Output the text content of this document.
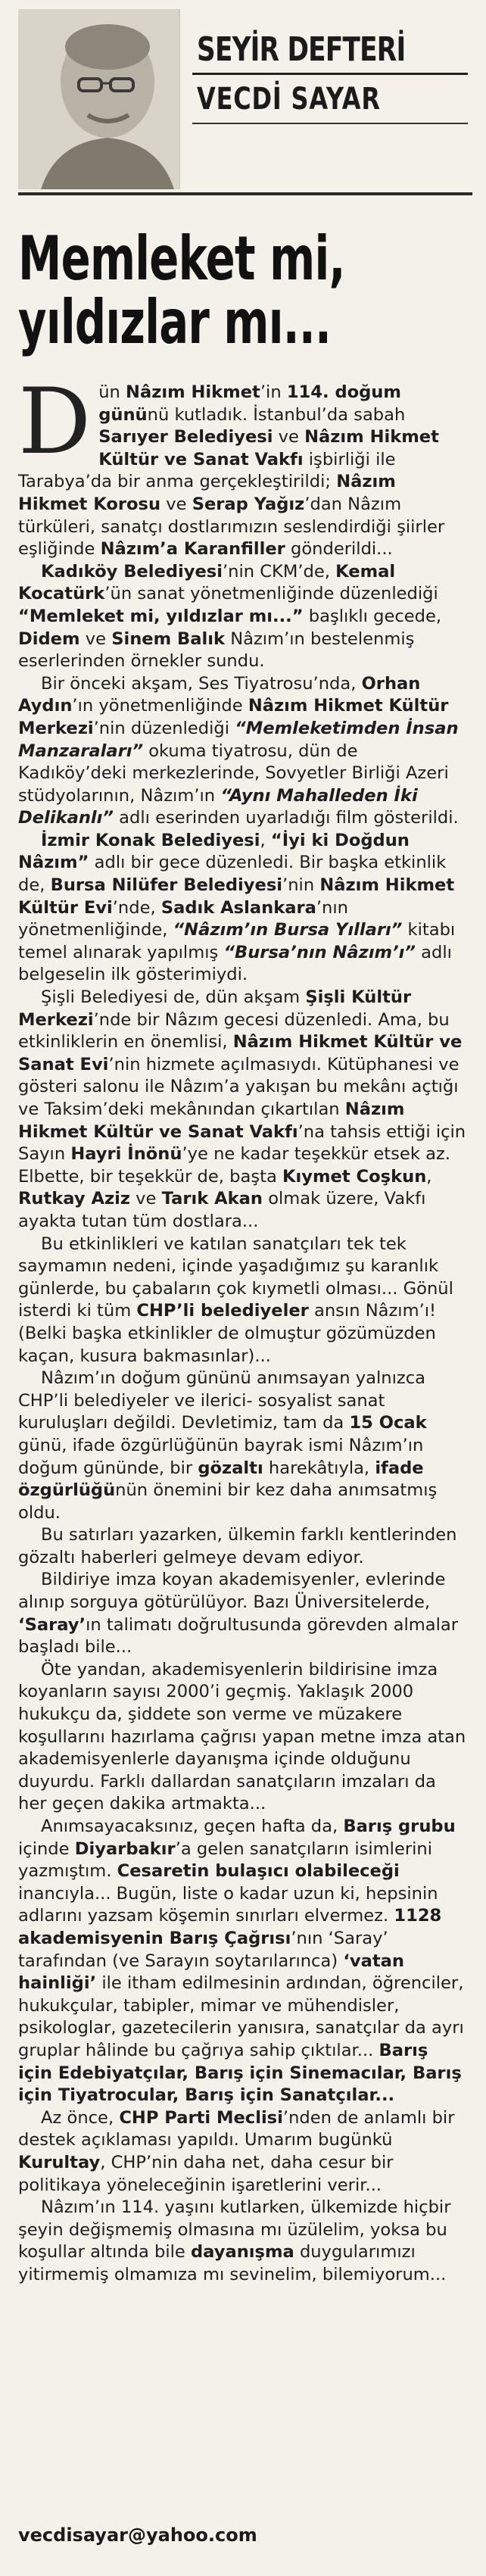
SEYİR DEFTERİ
VECDİ SAYAR
Memleket mi,
yıldızlar mı...

Dün Nâzım Hikmet’in 114. doğum gününü kutladık. İstanbul’da sabah Sarıyer Belediyesi ve Nâzım Hikmet Kültür ve Sanat Vakfı işbirliği ile Tarabya’da bir anma gerçekleştirildi; Nâzım Hikmet Korosu ve Serap Yağız’dan Nâzım türküleri, sanatçı dostlarımızın seslendirdiği şiirler eşliğinde Nâzım’a Karanfiller gönderildi...

Kadıköy Belediyesi’nin CKM’de, Kemal Kocatürk’ün sanat yönetmenliğinde düzenlediği “Memleket mi, yıldızlar mı...” başlıklı gecede, Didem ve Sinem Balık Nâzım’ın bestelenmiş eserlerinden örnekler sundu.

Bir önceki akşam, Ses Tiyatrosu’nda, Orhan Aydın’ın yönetmenliğinde Nâzım Hikmet Kültür Merkezi’nin düzenlediği “Memleketimden İnsan Manzaraları” okuma tiyatrosu, dün de Kadıköy’deki merkezlerinde, Sovyetler Birliği Azeri stüdyolarının, Nâzım’ın “Aynı Mahalleden İki Delikanlı” adlı eserinden uyarladığı film gösterildi.

İzmir Konak Belediyesi, “İyi ki Doğdun Nâzım” adlı bir gece düzenledi. Bir başka etkinlik de, Bursa Nilüfer Belediyesi’nin Nâzım Hikmet Kültür Evi’nde, Sadık Aslankara’nın yönetmenliğinde, “Nâzım’ın Bursa Yılları” kitabı temel alınarak yapılmış “Bursa’nın Nâzım’ı” adlı belgeselin ilk gösterimiydi.

Şişli Belediyesi de, dün akşam Şişli Kültür Merkezi’nde bir Nâzım gecesi düzenledi. Ama, bu etkinliklerin en önemlisi, Nâzım Hikmet Kültür ve Sanat Evi’nin hizmete açılmasıydı. Kütüphanesi ve gösteri salonu ile Nâzım’a yakışan bu mekânı açtığı ve Taksim’deki mekânından çıkartılan Nâzım Hikmet Kültür ve Sanat Vakfı’na tahsis ettiği için Sayın Hayri İnönü’ye ne kadar teşekkür etsek az. Elbette, bir teşekkür de, başta Kıymet Coşkun, Rutkay Aziz ve Tarık Akan olmak üzere, Vakfı ayakta tutan tüm dostlara...

Bu etkinlikleri ve katılan sanatçıları tek tek saymamın nedeni, içinde yaşadığımız şu karanlık günlerde, bu çabaların çok kıymetli olması... Gönül isterdi ki tüm CHP’li belediyeler ansın Nâzım’ı! (Belki başka etkinlikler de olmuştur gözümüzden kaçan, kusura bakmasınlar)...

Nâzım’ın doğum gününü anımsayan yalnızca CHP’li belediyeler ve ilerici- sosyalist sanat kuruluşları değildi. Devletimiz, tam da 15 Ocak günü, ifade özgürlüğünün bayrak ismi Nâzım’ın doğum gününde, bir gözaltı harekâtıyla, ifade özgürlüğünün önemini bir kez daha anımsatmış oldu.

Bu satırları yazarken, ülkemin farklı kentlerinden gözaltı haberleri gelmeye devam ediyor.

Bildiriye imza koyan akademisyenler, evlerinde alınıp sorguya götürülüyor. Bazı Üniversitelerde, ‘Saray’ın talimatı doğrultusunda görevden almalar başladı bile...

Öte yandan, akademisyenlerin bildirisine imza koyanların sayısı 2000’i geçmiş. Yaklaşık 2000 hukukçu da, şiddete son verme ve müzakere koşullarını hazırlama çağrısı yapan metne imza atan akademisyenlerle dayanışma içinde olduğunu duyurdu. Farklı dallardan sanatçıların imzaları da her geçen dakika artmakta...

Anımsayacaksınız, geçen hafta da, Barış grubu içinde Diyarbakır’a gelen sanatçıların isimlerini yazmıştım. Cesaretin bulaşıcı olabileceği inancıyla... Bugün, liste o kadar uzun ki, hepsinin adlarını yazsam köşemin sınırları elvermez. 1128 akademisyenin Barış Çağrısı’nın ‘Saray’ tarafından (ve Sarayın soytarılarınca) ‘vatan hainliği’ ile itham edilmesinin ardından, öğrenciler, hukukçular, tabipler, mimar ve mühendisler, psikologlar, gazetecilerin yanısıra, sanatçılar da ayrı gruplar hâlinde bu çağrıya sahip çıktılar... Barış için Edebiyatçılar, Barış için Sinemacılar, Barış için Tiyatrocular, Barış için Sanatçılar...

Az önce, CHP Parti Meclisi’nden de anlamlı bir destek açıklaması yapıldı. Umarım bugünkü Kurultay, CHP’nin daha net, daha cesur bir politikaya yöneleceğinin işaretlerini verir...

Nâzım’ın 114. yaşını kutlarken, ülkemizde hiçbir şeyin değişmemiş olmasına mı üzülelim, yoksa bu koşullar altında bile dayanışma duygularımızı yitirmemiş olmamıza mı sevinelim, bilemiyorum...

vecdisayar@yahoo.com
